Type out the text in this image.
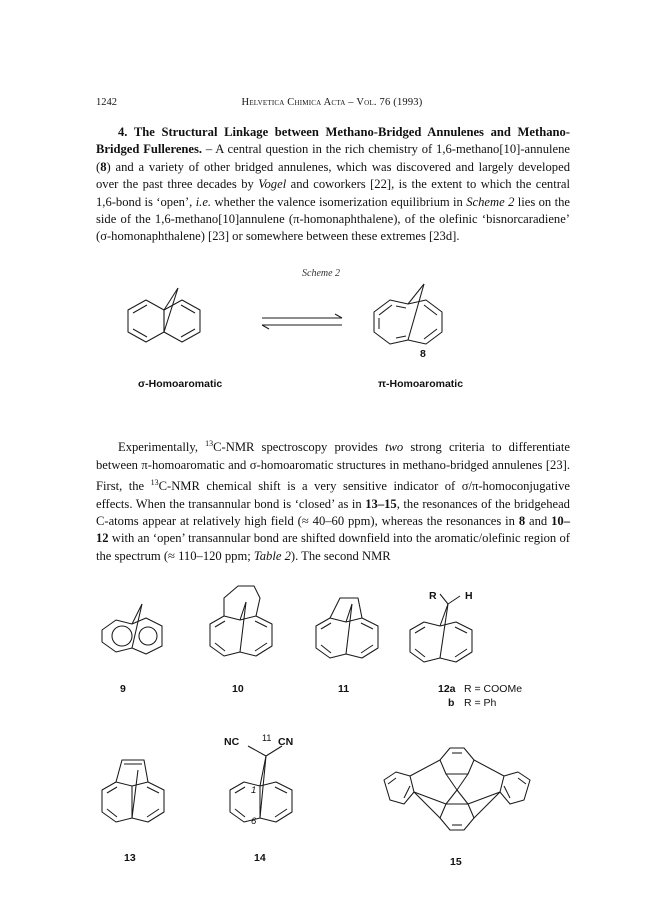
1242	Helvetica Chimica Acta – Vol. 76 (1993)

4. The Structural Linkage between Methano-Bridged Annulenes and Methano-Bridged Fullerenes. – A central question in the rich chemistry of 1,6-methano[10]-annulene (8) and a variety of other bridged annulenes, which was discovered and largely developed over the past three decades by Vogel and coworkers [22], is the extent to which the central 1,6-bond is ‘open’, i.e. whether the valence isomerization equilibrium in Scheme 2 lies on the side of the 1,6-methano[10]annulene (π-homonaphthalene), of the olefinic ‘bisnorcaradiene’ (σ-homonaphthalene) [23] or somewhere between these extremes [23d].

Scheme 2
8
σ-Homoaromatic	π-Homoaromatic

Experimentally, $^{13}$C-NMR spectroscopy provides two strong criteria to differentiate between π-homoaromatic and σ-homoaromatic structures in methano-bridged annulenes [23]. First, the $^{13}$C-NMR chemical shift is a very sensitive indicator of σ/π-homoconjugative effects. When the transannular bond is ‘closed’ as in 13–15, the resonances of the bridgehead C-atoms appear at relatively high field (≈ 40–60 ppm), whereas the resonances in 8 and 10–12 with an ‘open’ transannular bond are shifted downfield into the aromatic/olefinic region of the spectrum (≈ 110–120 ppm; Table 2). The second NMR

9	10	11
R	H
12a R = COOMe
b R = Ph
13
NC	11 CN
1
6
14	15
